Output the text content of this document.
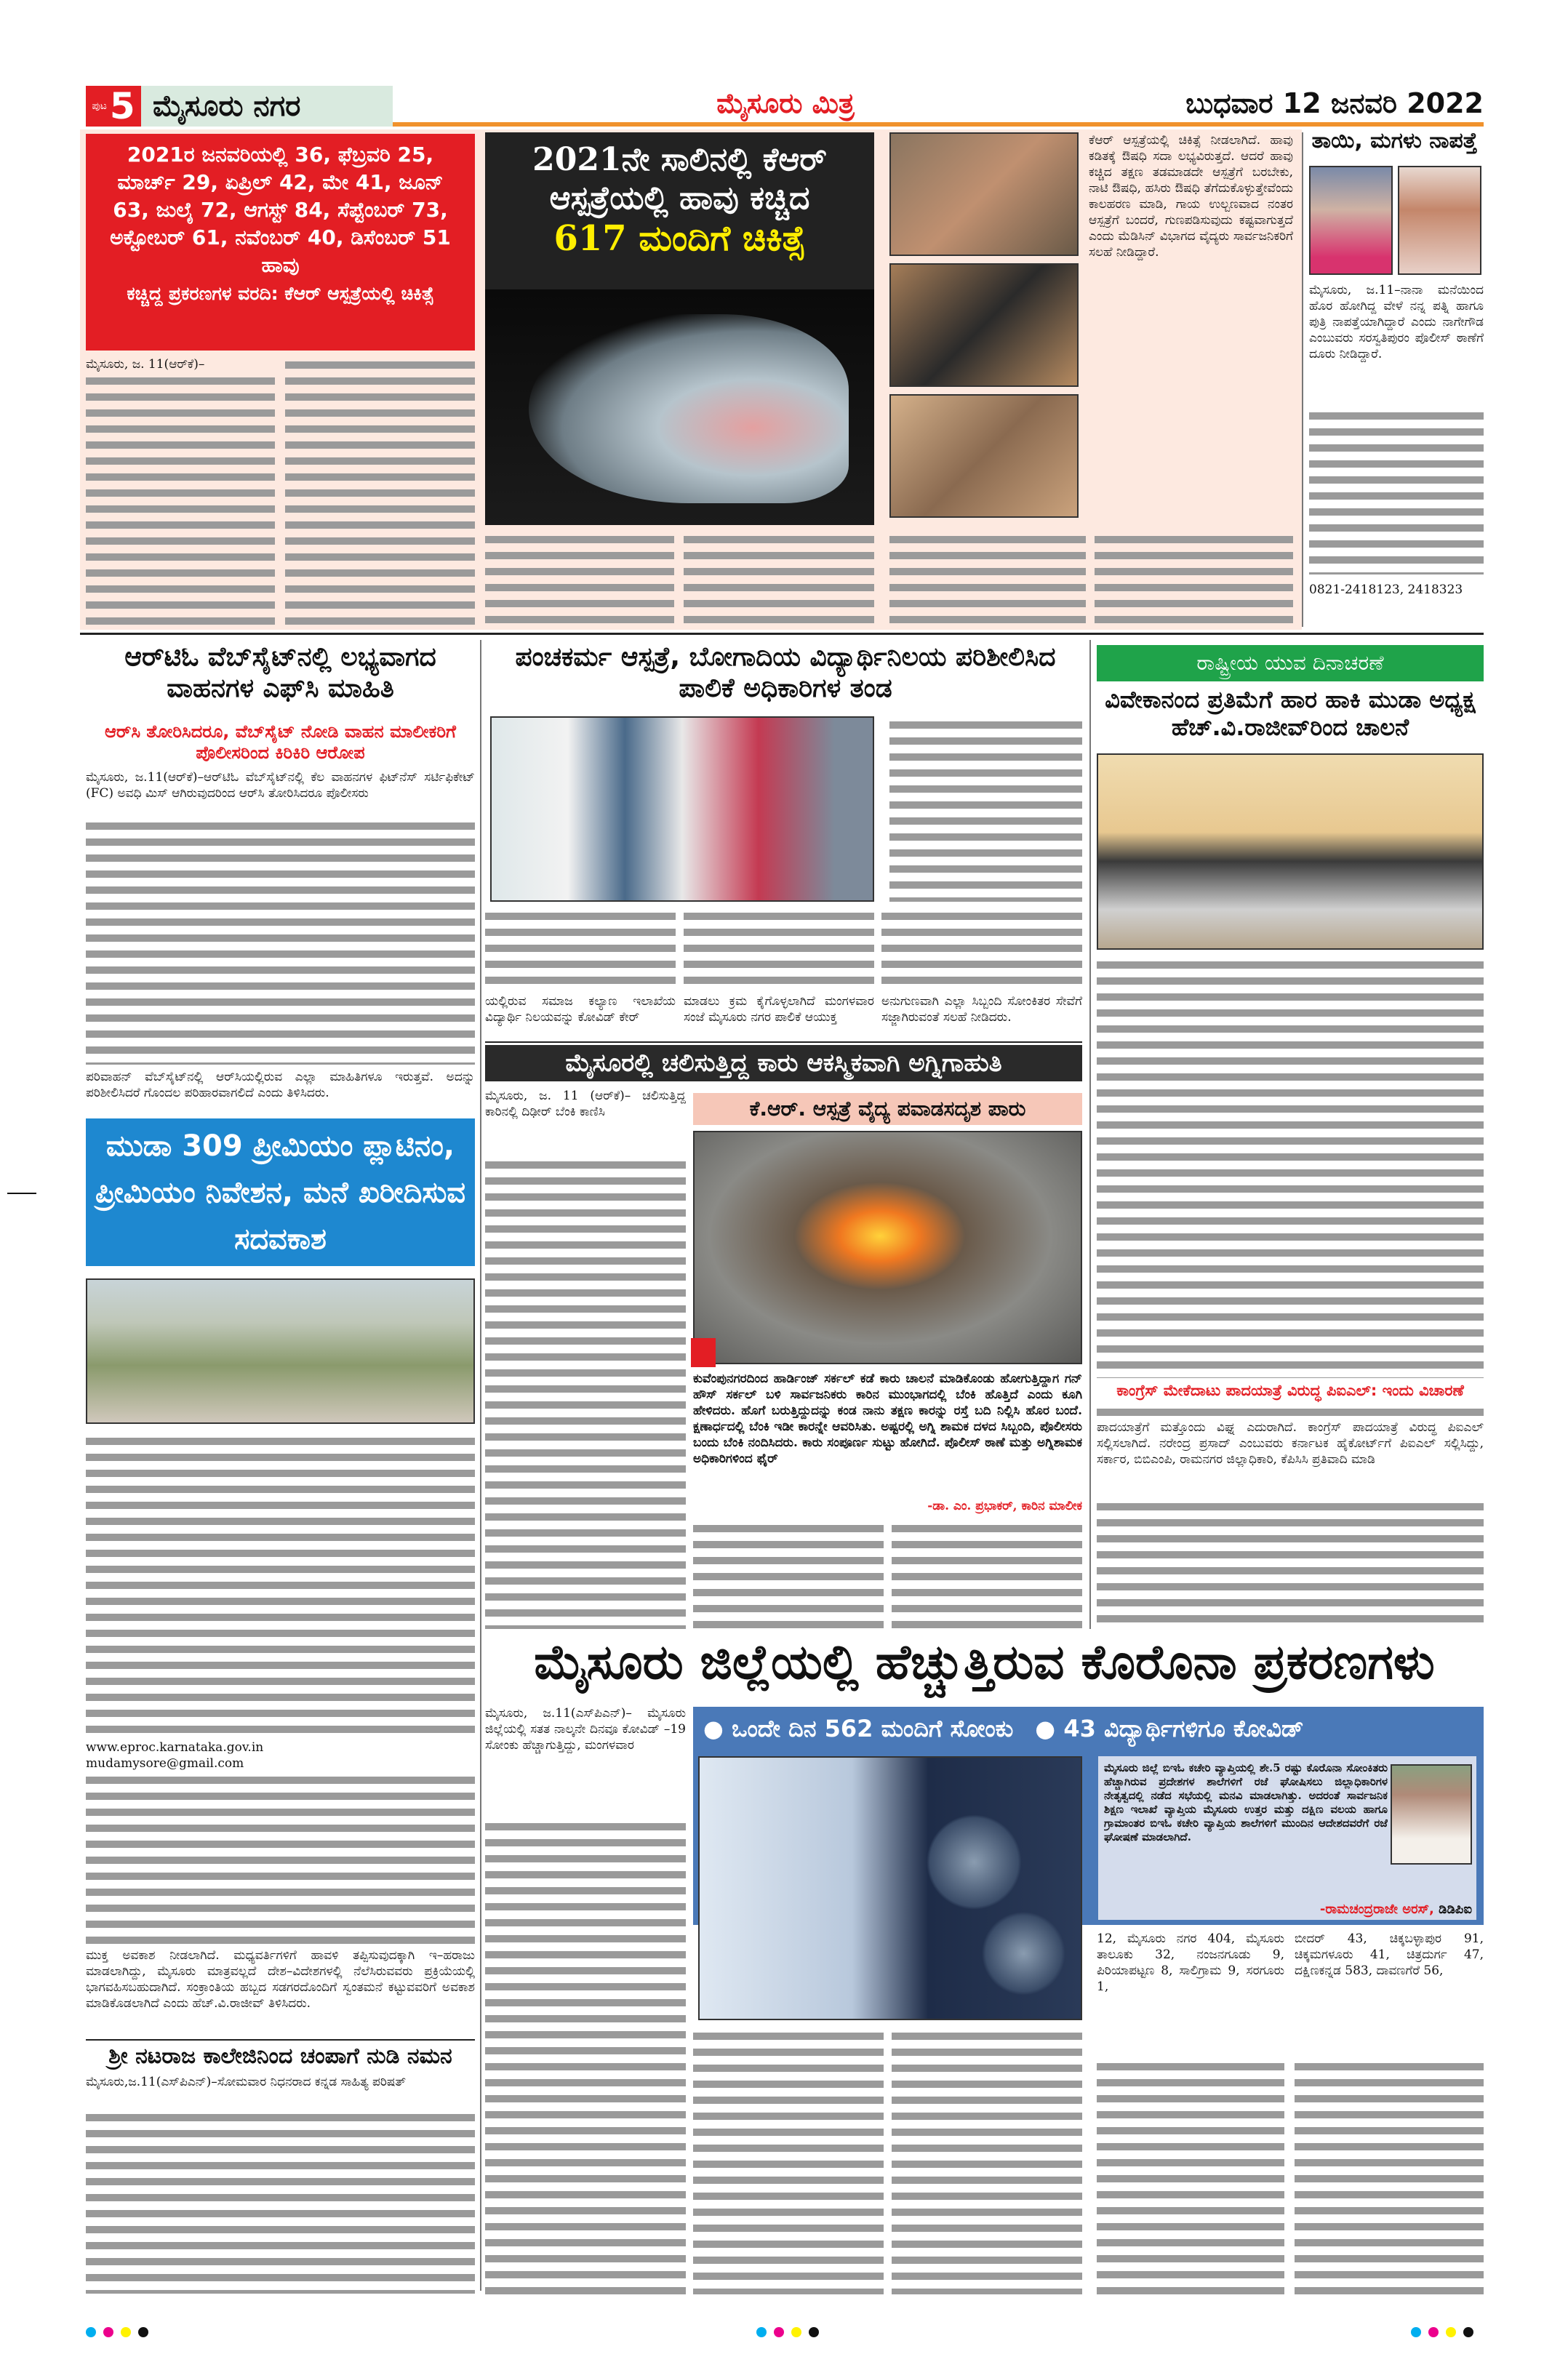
ಪುಟ 5 ಮೈಸೂರು ನಗರ	ಮೈಸೂರು ಮಿತ್ರ	ಬುಧವಾರ 12 ಜನವರಿ 2022
2021ರ ಜನವರಿಯಲ್ಲಿ 36, ಫೆಬ್ರವರಿ 25, ಮಾರ್ಚ್ 29, ಏಪ್ರಿಲ್ 42, ಮೇ 41, ಜೂನ್ 63, ಜುಲೈ 72, ಆಗಸ್ಟ್ 84, ಸೆಪ್ಟೆಂಬರ್ 73, ಅಕ್ಟೋಬರ್ 61, ನವೆಂಬರ್ 40, ಡಿಸೆಂಬರ್ 51 ಹಾವು
ಕಚ್ಚಿದ್ದ ಪ್ರಕರಣಗಳ ವರದಿ: ಕೆಆರ್ ಆಸ್ಪತ್ರೆಯಲ್ಲಿ ಚಿಕಿತ್ಸೆ
ಮೈಸೂರು, ಜ. 11(ಆರ್‌ಕೆ)–
2021ನೇ ಸಾಲಿನಲ್ಲಿ ಕೆಆರ್
ಆಸ್ಪತ್ರೆಯಲ್ಲಿ ಹಾವು ಕಚ್ಚಿದ
617 ಮಂದಿಗೆ ಚಿಕಿತ್ಸೆ
ಕೆಆರ್ ಆಸ್ಪತ್ರೆಯಲ್ಲಿ ಚಿಕಿತ್ಸೆ ನೀಡಲಾಗಿದೆ. ಹಾವು ಕಡಿತಕ್ಕೆ ಔಷಧಿ ಸದಾ ಲಭ್ಯವಿರುತ್ತದೆ. ಆದರೆ ಹಾವು ಕಚ್ಚಿದ ತಕ್ಷಣ ತಡಮಾಡದೇ ಆಸ್ಪತ್ರೆಗೆ ಬರಬೇಕು, ನಾಟಿ ಔಷಧಿ, ಹಸಿರು ಔಷಧಿ ತೆಗೆದುಕೊಳ್ಳುತ್ತೇವೆಂದು ಕಾಲಹರಣ ಮಾಡಿ, ಗಾಯ ಉಲ್ಬಣವಾದ ನಂತರ ಆಸ್ಪತ್ರೆಗೆ ಬಂದರೆ, ಗುಣಪಡಿಸುವುದು ಕಷ್ಟವಾಗುತ್ತದೆ ಎಂದು ಮೆಡಿಸಿನ್ ವಿಭಾಗದ ವೈದ್ಯರು ಸಾರ್ವಜನಿಕರಿಗೆ ಸಲಹೆ ನೀಡಿದ್ದಾರೆ.
ತಾಯಿ, ಮಗಳು ನಾಪತ್ತೆ
ಮೈಸೂರು, ಜ.11–ನಾನಾ ಮನೆಯಿಂದ ಹೊರ ಹೋಗಿದ್ದ ವೇಳೆ ನನ್ನ ಪತ್ನಿ ಹಾಗೂ ಪುತ್ರಿ ನಾಪತ್ತೆಯಾಗಿದ್ದಾರೆ ಎಂದು ನಾಗೇಗೌಡ ಎಂಬುವರು ಸರಸ್ವತಿಪುರಂ ಪೊಲೀಸ್ ಠಾಣೆಗೆ ದೂರು ನೀಡಿದ್ದಾರೆ.
0821-2418123, 2418323
ಆರ್‌ಟಿಓ ವೆಬ್‌ಸೈಟ್‌ನಲ್ಲಿ ಲಭ್ಯವಾಗದ ವಾಹನಗಳ ಎಫ್‌ಸಿ ಮಾಹಿತಿ
ಆರ್‌ಸಿ ತೋರಿಸಿದರೂ, ವೆಬ್‌ಸೈಟ್ ನೋಡಿ ವಾಹನ ಮಾಲೀಕರಿಗೆ ಪೊಲೀಸರಿಂದ ಕಿರಿಕಿರಿ ಆರೋಪ
ಮೈಸೂರು, ಜ.11(ಆರ್‌ಕೆ)–ಆರ್‌ಟಿಓ ವೆಬ್‌ಸೈಟ್‌ನಲ್ಲಿ ಕೆಲ ವಾಹನಗಳ ಫಿಟ್‌ನೆಸ್ ಸರ್ಟಿಫಿಕೇಟ್ (FC) ಅವಧಿ ಮಿಸ್ ಆಗಿರುವುದರಿಂದ ಆರ್‌ಸಿ ತೋರಿಸಿದರೂ ಪೊಲೀಸರು
ಪರಿವಾಹನ್ ವೆಬ್‌ಸೈಟ್‌ನಲ್ಲಿ ಆರ್‌ಸಿಯಲ್ಲಿರುವ ಎಲ್ಲಾ ಮಾಹಿತಿಗಳೂ ಇರುತ್ತವೆ. ಅದನ್ನು ಪರಿಶೀಲಿಸಿದರೆ ಗೊಂದಲ ಪರಿಹಾರವಾಗಲಿದೆ ಎಂದು ತಿಳಿಸಿದರು.
ಮುಡಾ 309 ಪ್ರೀಮಿಯಂ ಪ್ಲಾಟಿನಂ, ಪ್ರೀಮಿಯಂ ನಿವೇಶನ, ಮನೆ ಖರೀದಿಸುವ ಸದವಕಾಶ
www.eproc.karnataka.gov.in
mudamysore@gmail.com
ಮುಕ್ತ ಅವಕಾಶ ನೀಡಲಾಗಿದೆ. ಮಧ್ಯವರ್ತಿಗಳಿಗೆ ಹಾವಳಿ ತಪ್ಪಿಸುವುದಕ್ಕಾಗಿ ಇ–ಹರಾಜು ಮಾಡಲಾಗಿದ್ದು, ಮೈಸೂರು ಮಾತ್ರವಲ್ಲದೆ ದೇಶ–ವಿದೇಶಗಳಲ್ಲಿ ನೆಲೆಸಿರುವವರು ಪ್ರಕ್ರಿಯೆಯಲ್ಲಿ ಭಾಗವಹಿಸಬಹುದಾಗಿದೆ. ಸಂಕ್ರಾಂತಿಯ ಹಬ್ಬದ ಸಡಗರದೊಂದಿಗೆ ಸ್ವಂತಮನೆ ಕಟ್ಟುವವರಿಗೆ ಅವಕಾಶ ಮಾಡಿಕೊಡಲಾಗಿದೆ ಎಂದು ಹೆಚ್.ವಿ.ರಾಜೀವ್ ತಿಳಿಸಿದರು.
ಶ್ರೀ ನಟರಾಜ ಕಾಲೇಜಿನಿಂದ ಚಂಪಾಗೆ ನುಡಿ ನಮನ
ಮೈಸೂರು,ಜ.11(ಎಸ್‌ಪಿಎನ್)–ಸೋಮವಾರ ನಿಧನರಾದ ಕನ್ನಡ ಸಾಹಿತ್ಯ ಪರಿಷತ್
ಪಂಚಕರ್ಮ ಆಸ್ಪತ್ರೆ, ಬೋಗಾದಿಯ ವಿದ್ಯಾರ್ಥಿನಿಲಯ ಪರಿಶೀಲಿಸಿದ ಪಾಲಿಕೆ ಅಧಿಕಾರಿಗಳ ತಂಡ
ಯಲ್ಲಿರುವ ಸಮಾಜ ಕಲ್ಯಾಣ ಇಲಾಖೆಯ ವಿದ್ಯಾರ್ಥಿ ನಿಲಯವನ್ನು ಕೋವಿಡ್ ಕೇರ್
ಮಾಡಲು ಕ್ರಮ ಕೈಗೊಳ್ಳಲಾಗಿದೆ ಮಂಗಳವಾರ ಸಂಜೆ ಮೈಸೂರು ನಗರ ಪಾಲಿಕೆ ಆಯುಕ್ತ
ಅನುಗುಣವಾಗಿ ಎಲ್ಲಾ ಸಿಬ್ಬಂದಿ ಸೋಂಕಿತರ ಸೇವೆಗೆ ಸಜ್ಜಾಗಿರುವಂತೆ ಸಲಹೆ ನೀಡಿದರು.
ಮೈಸೂರಲ್ಲಿ ಚಲಿಸುತ್ತಿದ್ದ ಕಾರು ಆಕಸ್ಮಿಕವಾಗಿ ಅಗ್ನಿಗಾಹುತಿ
ಮೈಸೂರು, ಜ. 11 (ಆರ್‌ಕೆ)– ಚಲಿಸುತ್ತಿದ್ದ ಕಾರಿನಲ್ಲಿ ದಿಢೀರ್ ಬೆಂಕಿ ಕಾಣಿಸಿ	ಕೆ.ಆರ್. ಆಸ್ಪತ್ರೆ ವೈದ್ಯ ಪವಾಡಸದೃಶ ಪಾರು
ಕುವೆಂಪುನಗರದಿಂದ ಹಾರ್ಡಿಂಜ್ ಸರ್ಕಲ್ ಕಡೆ ಕಾರು ಚಾಲನೆ ಮಾಡಿಕೊಂಡು ಹೋಗುತ್ತಿದ್ದಾಗ ಗನ್ ಹೌಸ್ ಸರ್ಕಲ್ ಬಳಿ ಸಾರ್ವಜನಿಕರು ಕಾರಿನ ಮುಂಭಾಗದಲ್ಲಿ ಬೆಂಕಿ ಹೊತ್ತಿದೆ ಎಂದು ಕೂಗಿ ಹೇಳಿದರು. ಹೊಗೆ ಬರುತ್ತಿದ್ದುದನ್ನು ಕಂಡ ನಾನು ತಕ್ಷಣ ಕಾರನ್ನು ರಸ್ತೆ ಬದಿ ನಿಲ್ಲಿಸಿ ಹೊರ ಬಂದೆ. ಕ್ಷಣಾರ್ಧದಲ್ಲಿ ಬೆಂಕಿ ಇಡೀ ಕಾರನ್ನೇ ಆವರಿಸಿತು. ಅಷ್ಟರಲ್ಲಿ ಅಗ್ನಿ ಶಾಮಕ ದಳದ ಸಿಬ್ಬಂದಿ, ಪೊಲೀಸರು ಬಂದು ಬೆಂಕಿ ನಂದಿಸಿದರು. ಕಾರು ಸಂಪೂರ್ಣ ಸುಟ್ಟು ಹೋಗಿದೆ. ಪೊಲೀಸ್ ಠಾಣೆ ಮತ್ತು ಅಗ್ನಿಶಾಮಕ ಅಧಿಕಾರಿಗಳಿಂದ ಫೈರ್
-ಡಾ. ಎಂ. ಪ್ರಭಾಕರ್, ಕಾರಿನ ಮಾಲೀಕ
ರಾಷ್ಟ್ರೀಯ ಯುವ ದಿನಾಚರಣೆ
ವಿವೇಕಾನಂದ ಪ್ರತಿಮೆಗೆ ಹಾರ ಹಾಕಿ ಮುಡಾ ಅಧ್ಯಕ್ಷ ಹೆಚ್.ವಿ.ರಾಜೀವ್‌ರಿಂದ ಚಾಲನೆ
ಕಾಂಗ್ರೆಸ್ ಮೇಕೆದಾಟು ಪಾದಯಾತ್ರೆ ವಿರುದ್ಧ ಪಿಐಎಲ್: ಇಂದು ವಿಚಾರಣೆ
ಪಾದಯಾತ್ರೆಗೆ ಮತ್ತೊಂದು ವಿಘ್ನ ಎದುರಾಗಿದೆ. ಕಾಂಗ್ರೆಸ್ ಪಾದಯಾತ್ರೆ ವಿರುದ್ಧ ಪಿಐಎಲ್ ಸಲ್ಲಿಸಲಾಗಿದೆ. ನರೇಂದ್ರ ಪ್ರಸಾದ್ ಎಂಬುವರು ಕರ್ನಾಟಕ ಹೈಕೋರ್ಟ್‌ಗೆ ಪಿಐಎಲ್ ಸಲ್ಲಿಸಿದ್ದು, ಸರ್ಕಾರ, ಬಿಬಿಎಂಪಿ, ರಾಮನಗರ ಜಿಲ್ಲಾಧಿಕಾರಿ, ಕೆಪಿಸಿಸಿ ಪ್ರತಿವಾದಿ ಮಾಡಿ
ಮೈಸೂರು ಜಿಲ್ಲೆಯಲ್ಲಿ ಹೆಚ್ಚುತ್ತಿರುವ ಕೊರೊನಾ ಪ್ರಕರಣಗಳು
ಮೈಸೂರು, ಜ.11(ಎಸ್‌ಪಿಎನ್)– ಮೈಸೂರು ಜಿಲ್ಲೆಯಲ್ಲಿ ಸತತ ನಾಲ್ಕನೇ ದಿನವೂ ಕೋವಿಡ್ –19 ಸೋಂಕು ಹೆಚ್ಚಾಗುತ್ತಿದ್ದು, ಮಂಗಳವಾರ
● ಒಂದೇ ದಿನ 562 ಮಂದಿಗೆ ಸೋಂಕು ● 43 ವಿದ್ಯಾರ್ಥಿಗಳಿಗೂ ಕೋವಿಡ್
ಮೈಸೂರು ಜಿಲ್ಲೆ ಬಿಇಓ ಕಚೇರಿ ವ್ಯಾಪ್ತಿಯಲ್ಲಿ ಶೇ.5 ರಷ್ಟು ಕೊರೊನಾ ಸೋಂಕಿತರು ಹೆಚ್ಚಾಗಿರುವ ಪ್ರದೇಶಗಳ ಶಾಲೆಗಳಿಗೆ ರಜೆ ಘೋಷಿಸಲು ಜಿಲ್ಲಾಧಿಕಾರಿಗಳ ನೇತೃತ್ವದಲ್ಲಿ ನಡೆದ ಸಭೆಯಲ್ಲಿ ಮನವಿ ಮಾಡಲಾಗಿತ್ತು. ಅದರಂತೆ ಸಾರ್ವಜನಿಕ ಶಿಕ್ಷಣ ಇಲಾಖೆ ವ್ಯಾಪ್ತಿಯ ಮೈಸೂರು ಉತ್ತರ ಮತ್ತು ದಕ್ಷಿಣ ವಲಯ ಹಾಗೂ ಗ್ರಾಮಾಂತರ ಬಿಇಓ ಕಚೇರಿ ವ್ಯಾಪ್ತಿಯ ಶಾಲೆಗಳಿಗೆ ಮುಂದಿನ ಆದೇಶದವರೆಗೆ ರಜೆ ಘೋಷಣೆ ಮಾಡಲಾಗಿದೆ.
-ರಾಮಚಂದ್ರರಾಜೇ ಅರಸ್, ಡಿಡಿಪಿಐ
12, ಮೈಸೂರು ನಗರ 404, ಮೈಸೂರು ತಾಲೂಕು 32, ನಂಜನಗೂಡು 9, ಪಿರಿಯಾಪಟ್ಟಣ 8, ಸಾಲಿಗ್ರಾಮ 9, ಸರಗೂರು 1,
ಬೀದರ್ 43, ಚಿಕ್ಕಬಳ್ಳಾಪುರ 91, ಚಿಕ್ಕಮಗಳೂರು 41, ಚಿತ್ರದುರ್ಗ 47, ದಕ್ಷಿಣಕನ್ನಡ 583, ದಾವಣಗೆರೆ 56,
